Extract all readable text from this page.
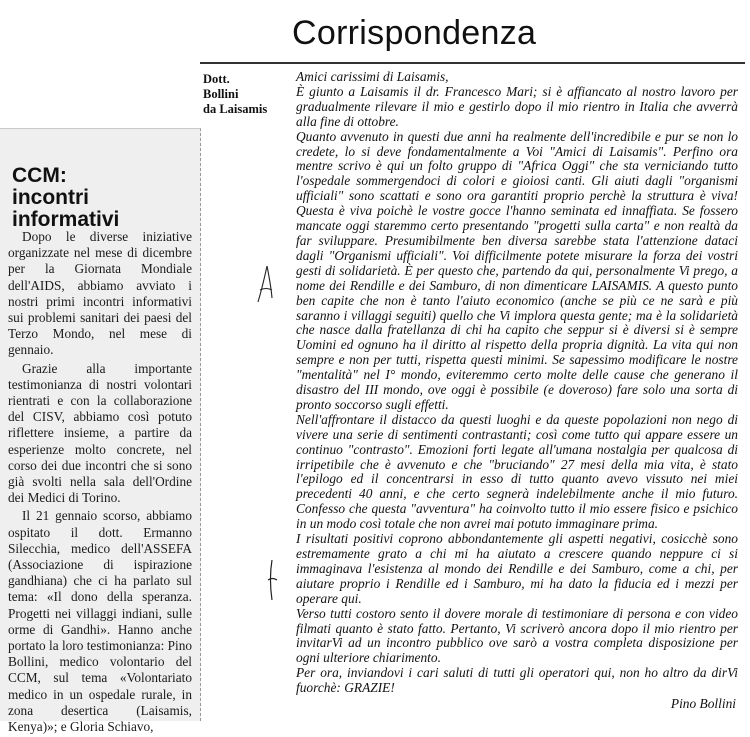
Corrispondenza
CCM:
incontri
informativi

Dopo le diverse iniziative organizzate nel mese di dicembre per la Giornata Mondiale dell'AIDS, abbiamo avviato i nostri primi incontri informativi sui problemi sanitari dei paesi del Terzo Mondo, nel mese di gennaio.

Grazie alla importante testimonianza di nostri volontari rientrati e con la collaborazione del CISV, abbiamo così potuto riflettere insieme, a partire da esperienze molto concrete, nel corso dei due incontri che si sono già svolti nella sala dell'Ordine dei Medici di Torino.

Il 21 gennaio scorso, abbiamo ospitato il dott. Ermanno Silecchia, medico dell'ASSEFA (Associazione di ispirazione gandhiana) che ci ha parlato sul tema: «Il dono della speranza. Progetti nei villaggi indiani, sulle orme di Gandhi». Hanno anche portato la loro testimonianza: Pino Bollini, medico volontario del CCM, sul tema «Volontariato medico in un ospedale rurale, in zona desertica (Laisamis, Kenya)»; e Gloria Schiavo,

Dott.
Bollini
da Laisamis

Amici carissimi di Laisamis,

È giunto a Laisamis il dr. Francesco Mari; si è affiancato al nostro lavoro per gradualmente rilevare il mio e gestirlo dopo il mio rientro in Italia che avverrà alla fine di ottobre.

Quanto avvenuto in questi due anni ha realmente dell'incredibile e pur se non lo credete, lo si deve fondamentalmente a Voi "Amici di Laisamis". Perfino ora mentre scrivo è qui un folto gruppo di "Africa Oggi" che sta verniciando tutto l'ospedale sommergendoci di colori e gioiosi canti. Gli aiuti dagli "organismi ufficiali" sono scattati e sono ora garantiti proprio perchè la struttura è viva! Questa è viva poichè le vostre gocce l'hanno seminata ed innaffiata. Se fossero mancate oggi staremmo certo presentando "progetti sulla carta" e non realtà da far sviluppare. Presumibilmente ben diversa sarebbe stata l'attenzione dataci dagli "Organismi ufficiali". Voi difficilmente potete misurare la forza dei vostri gesti di solidarietà. È per questo che, partendo da qui, personalmente Vi prego, a nome dei Rendille e dei Samburo, di non dimenticare LAISAMIS. A questo punto ben capite che non è tanto l'aiuto economico (anche se più ce ne sarà e più saranno i villaggi seguiti) quello che Vi implora questa gente; ma è la solidarietà che nasce dalla fratellanza di chi ha capito che seppur si è diversi si è sempre Uomini ed ognuno ha il diritto al rispetto della propria dignità. La vita qui non sempre e non per tutti, rispetta questi minimi. Se sapessimo modificare le nostre "mentalità" nel I° mondo, eviteremmo certo molte delle cause che generano il disastro del III mondo, ove oggi è possibile (e doveroso) fare solo una sorta di pronto soccorso sugli effetti.

Nell'affrontare il distacco da questi luoghi e da queste popolazioni non nego di vivere una serie di sentimenti contrastanti; così come tutto qui appare essere un continuo "contrasto". Emozioni forti legate all'umana nostalgia per qualcosa di irripetibile che è avvenuto e che "bruciando" 27 mesi della mia vita, è stato l'epilogo ed il concentrarsi in esso di tutto quanto avevo vissuto nei miei precedenti 40 anni, e che certo segnerà indelebilmente anche il mio futuro. Confesso che questa "avventura" ha coinvolto tutto il mio essere fisico e psichico in un modo così totale che non avrei mai potuto immaginare prima.

I risultati positivi coprono abbondantemente gli aspetti negativi, cosicchè sono estremamente grato a chi mi ha aiutato a crescere quando neppure ci si immaginava l'esistenza al mondo dei Rendille e dei Samburo, come a chi, per aiutare proprio i Rendille ed i Samburo, mi ha dato la fiducia ed i mezzi per operare qui.

Verso tutti costoro sento il dovere morale di testimoniare di persona e con video filmati quanto è stato fatto. Pertanto, Vi scriverò ancora dopo il mio rientro per invitarVi ad un incontro pubblico ove sarò a vostra completa disposizione per ogni ulteriore chiarimento.

Per ora, inviandovi i cari saluti di tutti gli operatori qui, non ho altro da dirVi fuorchè: GRAZIE!

Pino Bollini
